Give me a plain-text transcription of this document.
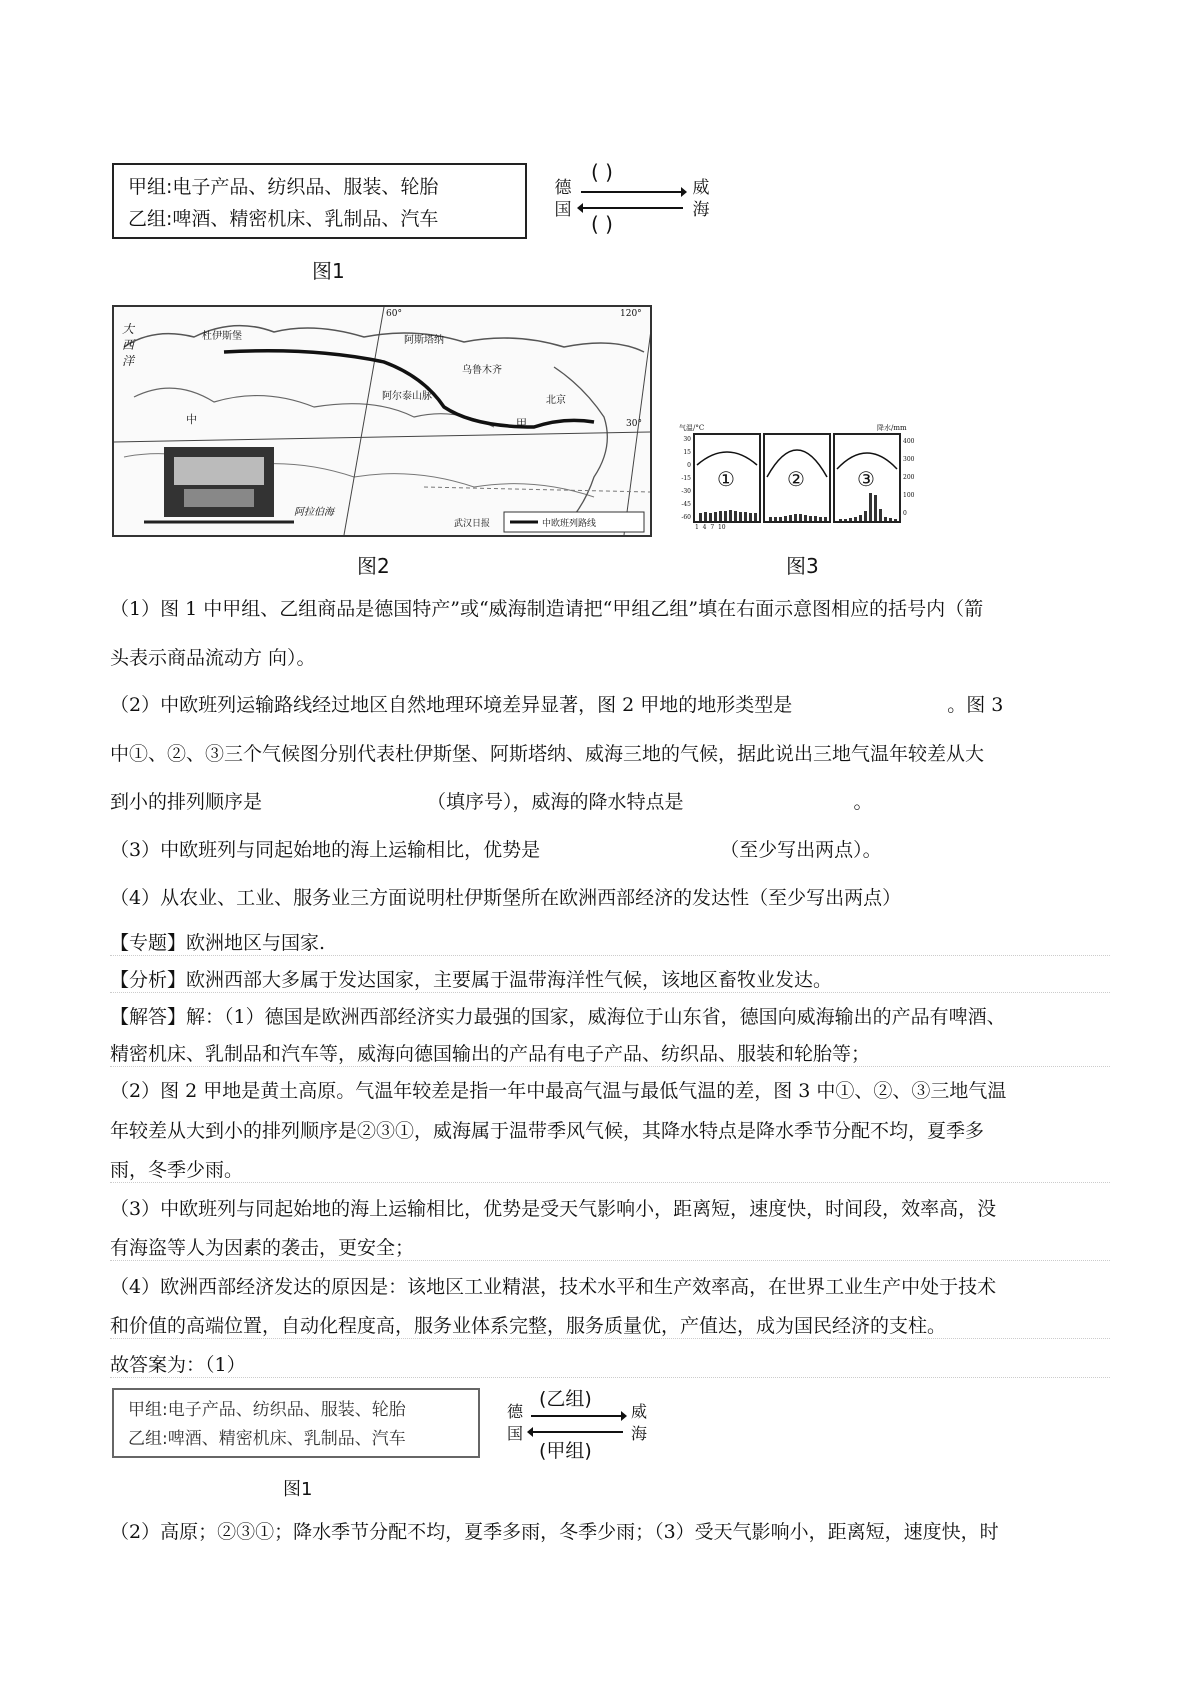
甲组:电子产品、纺织品、服装、轮胎
乙组:啤酒、精密机床、乳制品、汽车
德
国
( )
( )
威
海
图1
大
西
洋
杜伊斯堡	阿斯塔纳
乌鲁木齐
阿尔泰山脉	北京
甲
中
阿拉伯海
60°	120°
30°
武汉日报	中欧班列路线
图2
气温/°C	降水/mm
30
15
0
-15
-30
-45
-60
400
300
200
100
0
①	②	③
1 4 7 10
图3
（1）图 1 中甲组、乙组商品是德国特产”或“威海制造请把“甲组乙组”填在右面示意图相应的括号内（箭
头表示商品流动方 向）。
（2）中欧班列运输路线经过地区自然地理环境差异显著，图 2 甲地的地形类型是	。图 3
中①、②、③三个气候图分别代表杜伊斯堡、阿斯塔纳、威海三地的气候，据此说出三地气温年较差从大
到小的排列顺序是	（填序号），威海的降水特点是	。
（3）中欧班列与同起始地的海上运输相比，优势是	（至少写出两点）。
（4）从农业、工业、服务业三方面说明杜伊斯堡所在欧洲西部经济的发达性（至少写出两点）
【专题】欧洲地区与国家.
【分析】欧洲西部大多属于发达国家，主要属于温带海洋性气候，该地区畜牧业发达。
【解答】解：（1）德国是欧洲西部经济实力最强的国家，威海位于山东省，德国向威海输出的产品有啤酒、
精密机床、乳制品和汽车等，威海向德国输出的产品有电子产品、纺织品、服装和轮胎等；
（2）图 2 甲地是黄土高原。气温年较差是指一年中最高气温与最低气温的差，图 3 中①、②、③三地气温
年较差从大到小的排列顺序是②③①，威海属于温带季风气候，其降水特点是降水季节分配不均，夏季多
雨，冬季少雨。
（3）中欧班列与同起始地的海上运输相比，优势是受天气影响小，距离短，速度快，时间段，效率高，没
有海盗等人为因素的袭击，更安全；
（4）欧洲西部经济发达的原因是：该地区工业精湛，技术水平和生产效率高，在世界工业生产中处于技术
和价值的高端位置，自动化程度高，服务业体系完整，服务质量优，产值达，成为国民经济的支柱。
故答案为：（1）
甲组:电子产品、纺织品、服装、轮胎
乙组:啤酒、精密机床、乳制品、汽车
德
国
(乙组)
(甲组)
威
海
图1
（2）高原；②③①；降水季节分配不均，夏季多雨，冬季少雨；（3）受天气影响小，距离短，速度快，时
